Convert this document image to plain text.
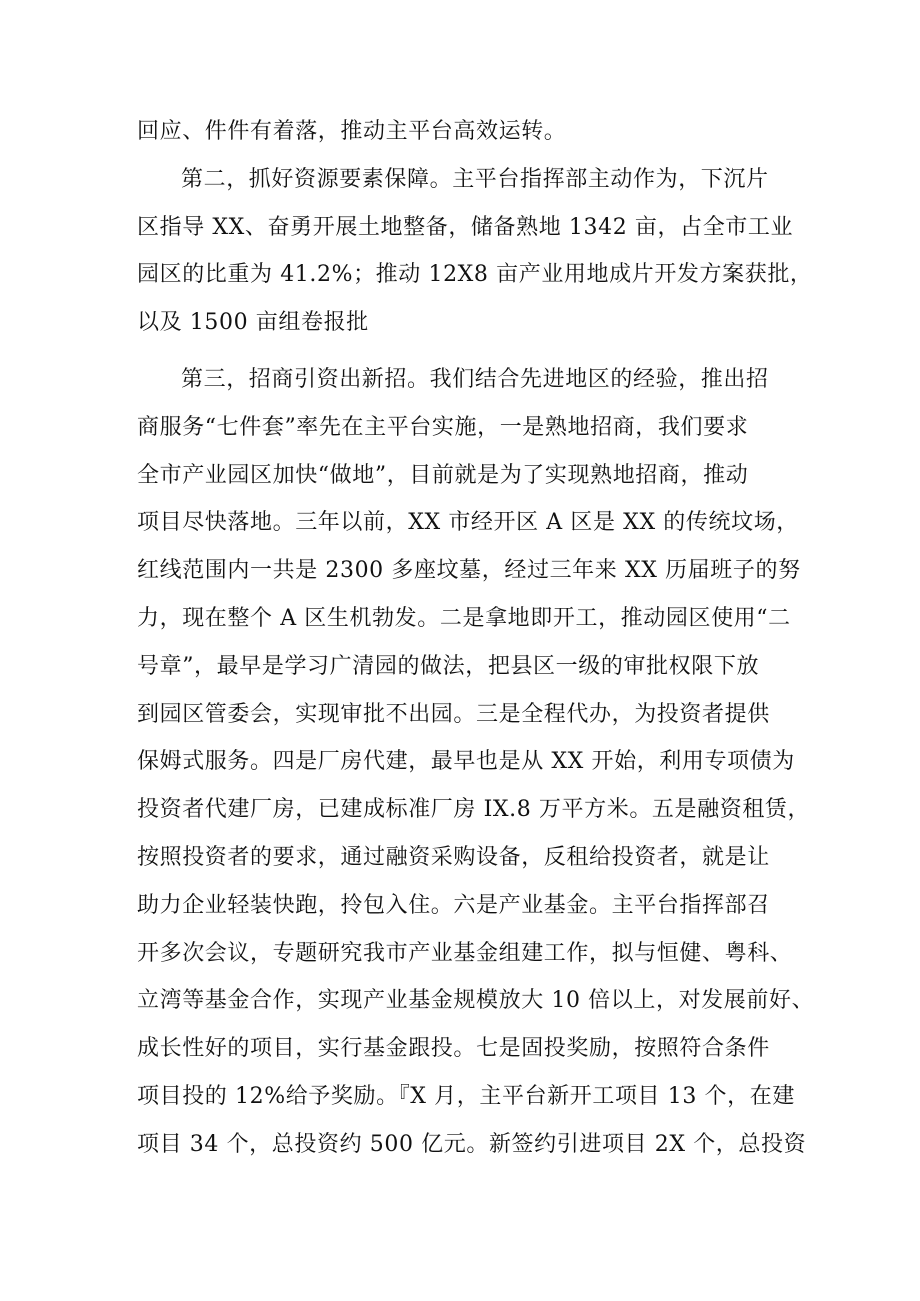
回应、件件有着落，推动主平台高效运转。
第二，抓好资源要素保障。主平台指挥部主动作为，下沉片
区指导 XX、奋勇开展土地整备，储备熟地 1342 亩，占全市工业
园区的比重为 41.2%；推动 12X8 亩产业用地成片开发方案获批，
以及 1500 亩组卷报批
第三，招商引资出新招。我们结合先进地区的经验，推出招
商服务“七件套”率先在主平台实施，一是熟地招商，我们要求
全市产业园区加快“做地”，目前就是为了实现熟地招商，推动
项目尽快落地。三年以前，XX 市经开区 A 区是 XX 的传统坟场，
红线范围内一共是 2300 多座坟墓，经过三年来 XX 历届班子的努
力，现在整个 A 区生机勃发。二是拿地即开工，推动园区使用“二
号章”，最早是学习广清园的做法，把县区一级的审批权限下放
到园区管委会，实现审批不出园。三是全程代办，为投资者提供
保姆式服务。四是厂房代建，最早也是从 XX 开始，利用专项债为
投资者代建厂房，已建成标准厂房 IX.8 万平方米。五是融资租赁，
按照投资者的要求，通过融资采购设备，反租给投资者，就是让
助力企业轻装快跑，拎包入住。六是产业基金。主平台指挥部召
开多次会议，专题研究我市产业基金组建工作，拟与恒健、粤科、
立湾等基金合作，实现产业基金规模放大 10 倍以上，对发展前好、
成长性好的项目，实行基金跟投。七是固投奖励，按照符合条件
项目投的 12%给予奖励。『X 月，主平台新开工项目 13 个，在建
项目 34 个，总投资约 500 亿元。新签约引进项目 2X 个，总投资
